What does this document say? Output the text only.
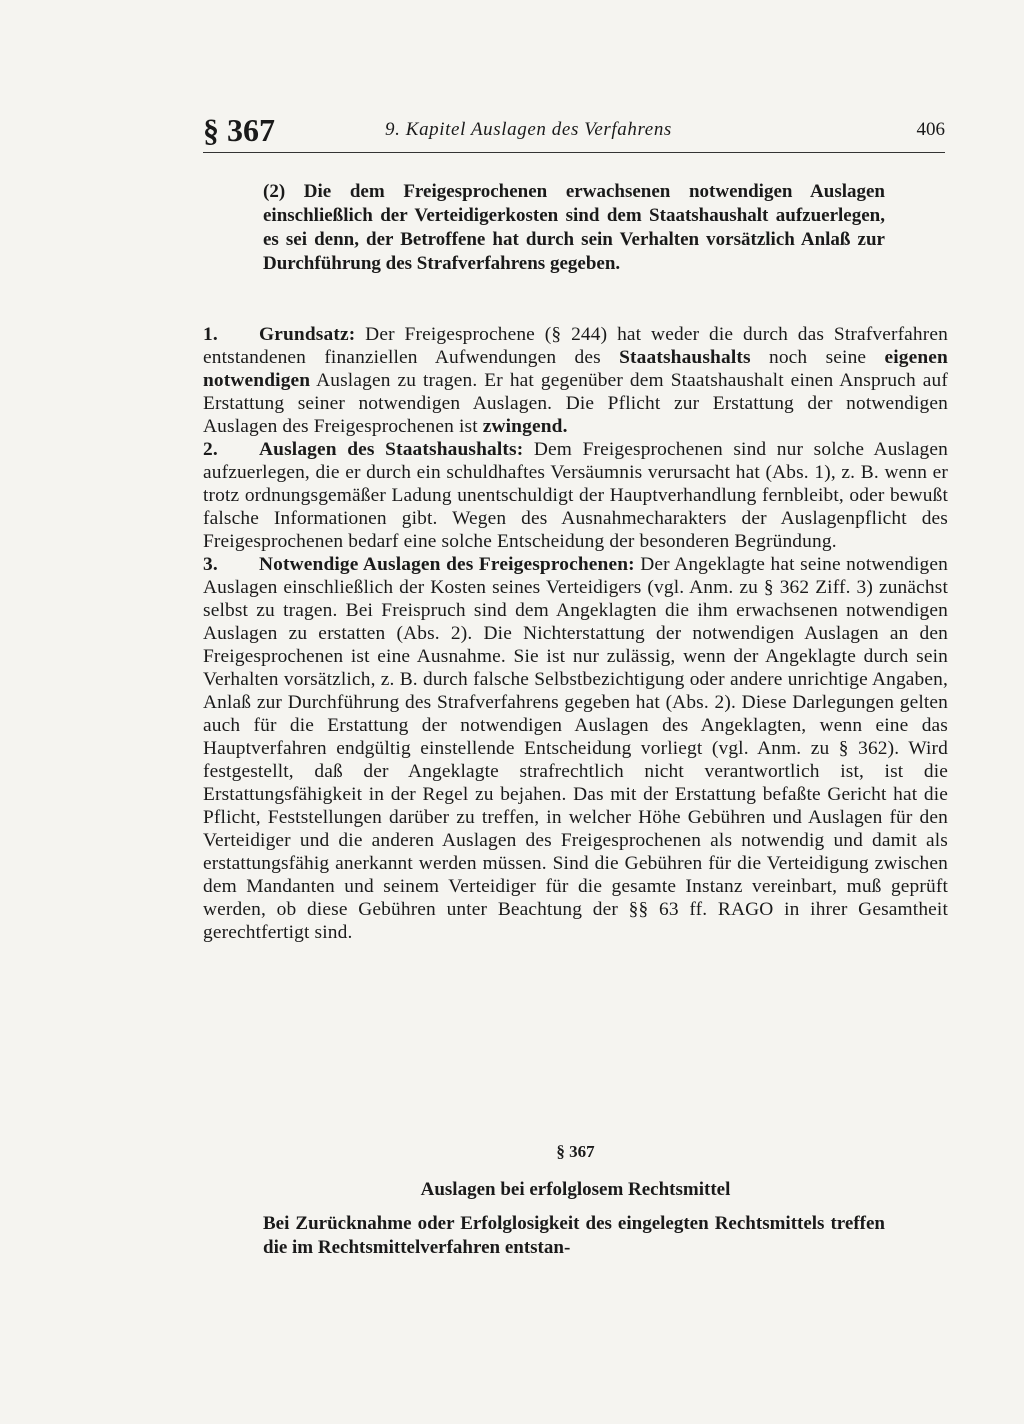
§ 367	9. Kapitel Auslagen des Verfahrens	406
(2) Die dem Freigesprochenen erwachsenen notwendigen Auslagen einschließlich der Verteidigerkosten sind dem Staatshaushalt aufzuerlegen, es sei denn, der Betroffene hat durch sein Verhalten vorsätzlich Anlaß zur Durchführung des Strafverfahrens gegeben.

1. Grundsatz: Der Freigesprochene (§ 244) hat weder die durch das Strafverfahren entstandenen finanziellen Aufwendungen des Staatshaushalts noch seine eigenen notwendigen Auslagen zu tragen. Er hat gegenüber dem Staatshaushalt einen Anspruch auf Erstattung seiner notwendigen Auslagen. Die Pflicht zur Erstattung der notwendigen Auslagen des Freigesprochenen ist zwingend.

2. Auslagen des Staatshaushalts: Dem Freigesprochenen sind nur solche Auslagen aufzuerlegen, die er durch ein schuldhaftes Versäumnis verursacht hat (Abs. 1), z. B. wenn er trotz ordnungsgemäßer Ladung unentschuldigt der Hauptverhandlung fernbleibt, oder bewußt falsche Informationen gibt. Wegen des Ausnahmecharakters der Auslagenpflicht des Freigesprochenen bedarf eine solche Entscheidung der besonderen Begründung.

3. Notwendige Auslagen des Freigesprochenen: Der Angeklagte hat seine notwendigen Auslagen einschließlich der Kosten seines Verteidigers (vgl. Anm. zu § 362 Ziff. 3) zunächst selbst zu tragen. Bei Freispruch sind dem Angeklagten die ihm erwachsenen notwendigen Auslagen zu erstatten (Abs. 2). Die Nichterstattung der notwendigen Auslagen an den Freigesprochenen ist eine Ausnahme. Sie ist nur zulässig, wenn der Angeklagte durch sein Verhalten vorsätzlich, z. B. durch falsche Selbstbezichtigung oder andere unrichtige Angaben, Anlaß zur Durchführung des Strafverfahrens gegeben hat (Abs. 2). Diese Darlegungen gelten auch für die Erstattung der notwendigen Auslagen des Angeklagten, wenn eine das Hauptverfahren endgültig einstellende Entscheidung vorliegt (vgl. Anm. zu § 362). Wird festgestellt, daß der Angeklagte strafrechtlich nicht verantwortlich ist, ist die Erstattungsfähigkeit in der Regel zu bejahen. Das mit der Erstattung befaßte Gericht hat die Pflicht, Feststellungen darüber zu treffen, in welcher Höhe Gebühren und Auslagen für den Verteidiger und die anderen Auslagen des Freigesprochenen als notwendig und damit als erstattungsfähig anerkannt werden müssen. Sind die Gebühren für die Verteidigung zwischen dem Mandanten und seinem Verteidiger für die gesamte Instanz vereinbart, muß geprüft werden, ob diese Gebühren unter Beachtung der §§ 63 ff. RAGO in ihrer Gesamtheit gerechtfertigt sind.

§ 367
Auslagen bei erfolglosem Rechtsmittel
Bei Zurücknahme oder Erfolglosigkeit des eingelegten Rechtsmittels treffen die im Rechtsmittelverfahren entstan-
